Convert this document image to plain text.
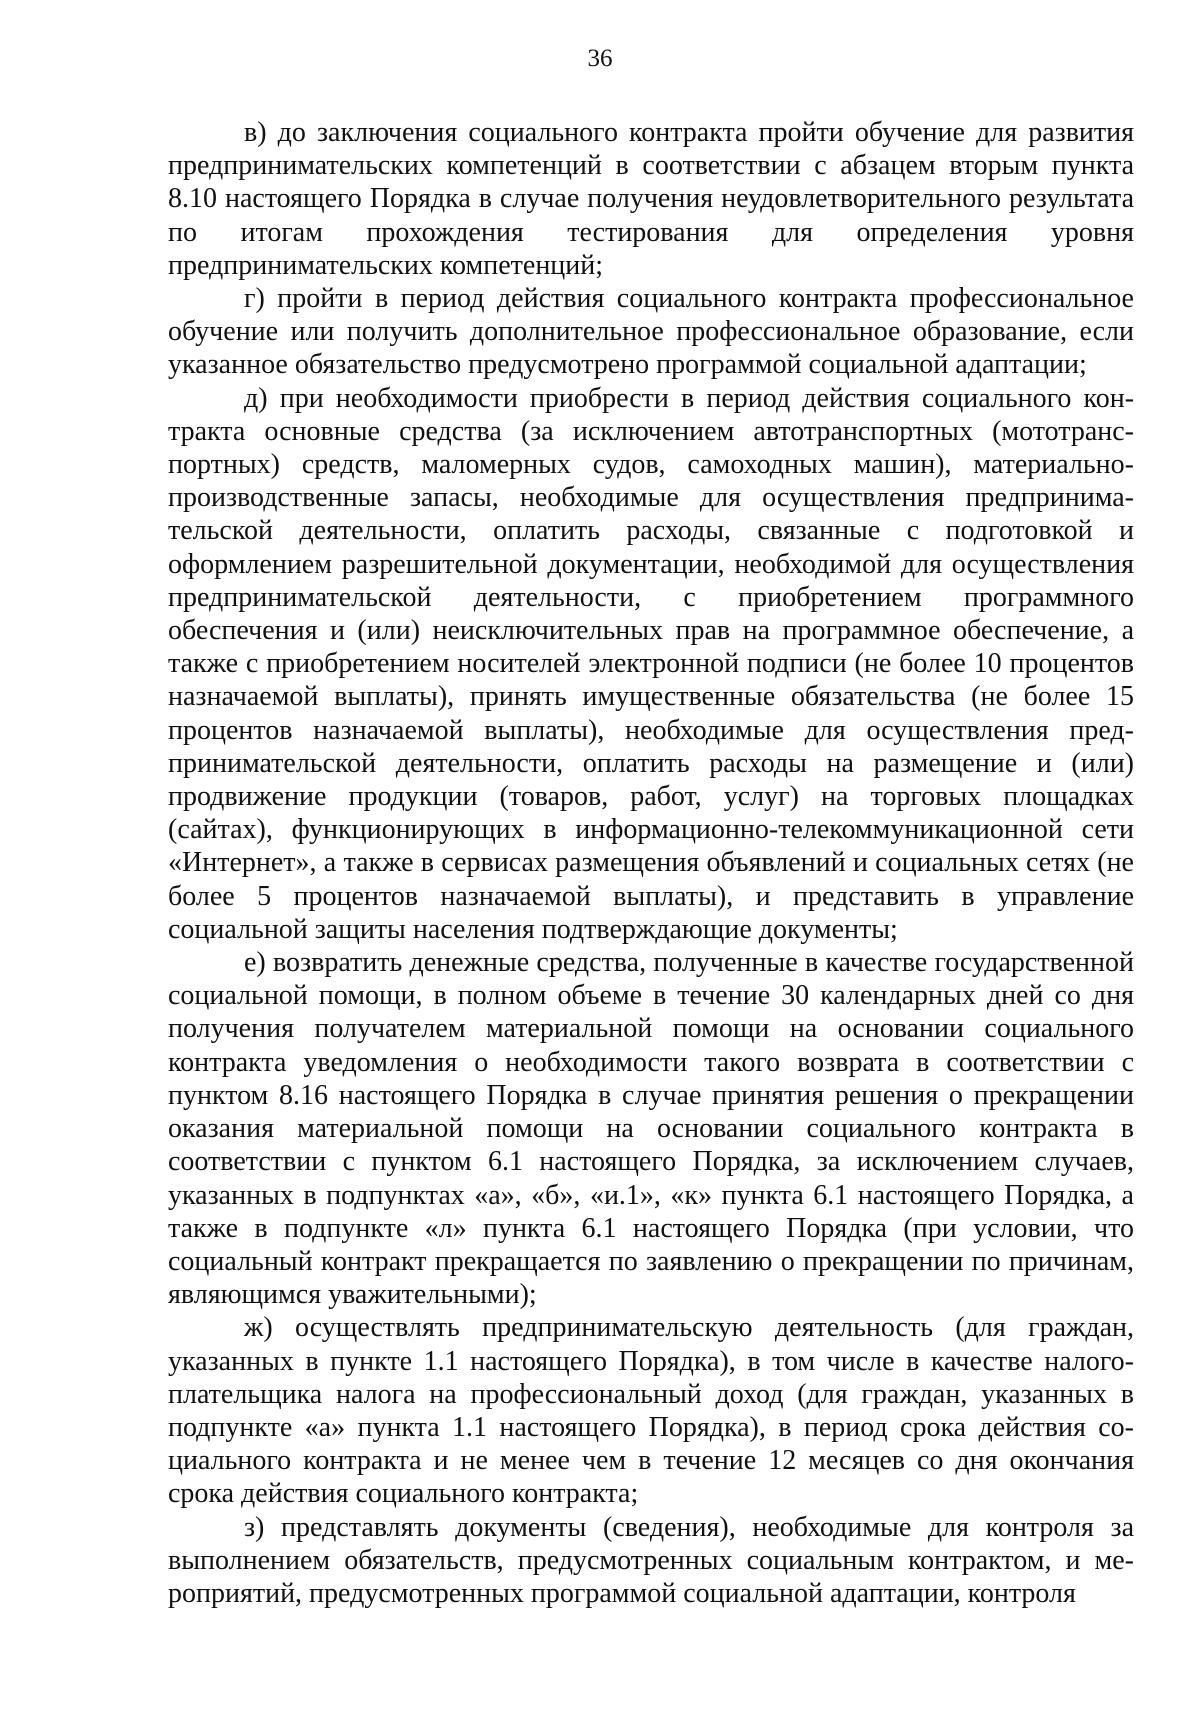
36

в) до заключения социального контракта пройти обучение для развития предпринимательских компетенций в соответствии с абзацем вторым пункта 8.10 настоящего Порядка в случае получения неудовлетворительного результата по итогам прохождения тестирования для определения уровня предпринимательских компетенций;

г) пройти в период действия социального контракта профессиональное обучение или получить дополнительное профессиональное образование, если указанное обязательство предусмотрено программой социальной адаптации;

д) при необходимости приобрести в период действия социального контракта основные средства (за исключением автотранспортных (мототранспортных) средств, маломерных судов, самоходных машин), материально-производственные запасы, необходимые для осуществления предпринимательской деятельности, оплатить расходы, связанные с подготовкой и оформлением разрешительной документации, необходимой для осуществления предпринимательской деятельности, с приобретением программного обеспечения и (или) неисключительных прав на программное обеспечение, а также с приобретением носителей электронной подписи (не более 10 процентов назначаемой выплаты), принять имущественные обязательства (не более 15 процентов назначаемой выплаты), необходимые для осуществления предпринимательской деятельности, оплатить расходы на размещение и (или) продвижение продукции (товаров, работ, услуг) на торговых площадках (сайтах), функционирующих в информационно-телекоммуникационной сети «Интернет», а также в сервисах размещения объявлений и социальных сетях (не более 5 процентов назначаемой выплаты), и представить в управление социальной защиты населения подтверждающие документы;

е) возвратить денежные средства, полученные в качестве государственной социальной помощи, в полном объеме в течение 30 календарных дней со дня получения получателем материальной помощи на основании социального контракта уведомления о необходимости такого возврата в соответствии с пунктом 8.16 настоящего Порядка в случае принятия решения о прекращении оказания материальной помощи на основании социального контракта в соответствии с пунктом 6.1 настоящего Порядка, за исключением случаев, указанных в подпунктах «а», «б», «и.1», «к» пункта 6.1 настоящего Порядка, а также в подпункте «л» пункта 6.1 настоящего Порядка (при условии, что социальный контракт прекращается по заявлению о прекращении по причинам, являющимся уважительными);

ж) осуществлять предпринимательскую деятельность (для граждан, указанных в пункте 1.1 настоящего Порядка), в том числе в качестве налогоплательщика налога на профессиональный доход (для граждан, указанных в подпункте «а» пункта 1.1 настоящего Порядка), в период срока действия социального контракта и не менее чем в течение 12 месяцев со дня окончания срока действия социального контракта;

з) представлять документы (сведения), необходимые для контроля за выполнением обязательств, предусмотренных социальным контрактом, и мероприятий, предусмотренных программой социальной адаптации, контроля
